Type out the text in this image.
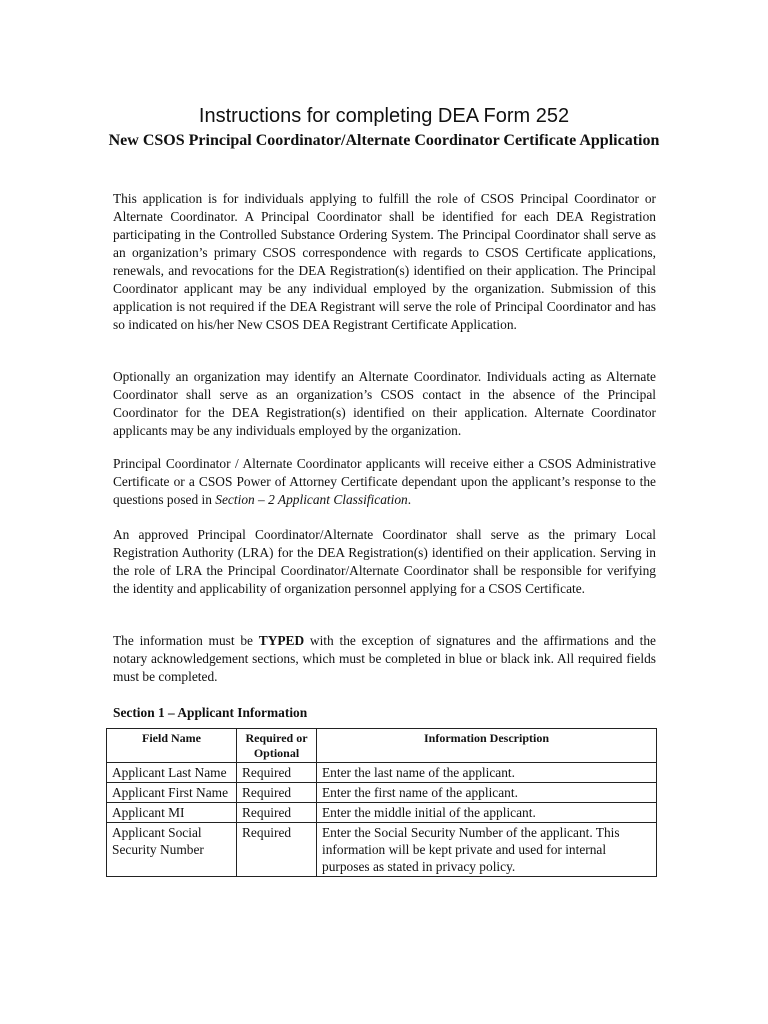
Instructions for completing DEA Form 252
New CSOS Principal Coordinator/Alternate Coordinator Certificate Application

This application is for individuals applying to fulfill the role of CSOS Principal Coordinator or Alternate Coordinator. A Principal Coordinator shall be identified for each DEA Registration participating in the Controlled Substance Ordering System. The Principal Coordinator shall serve as an organization’s primary CSOS correspondence with regards to CSOS Certificate applications, renewals, and revocations for the DEA Registration(s) identified on their application. The Principal Coordinator applicant may be any individual employed by the organization. Submission of this application is not required if the DEA Registrant will serve the role of Principal Coordinator and has so indicated on his/her New CSOS DEA Registrant Certificate Application.

Optionally an organization may identify an Alternate Coordinator. Individuals acting as Alternate Coordinator shall serve as an organization’s CSOS contact in the absence of the Principal Coordinator for the DEA Registration(s) identified on their application. Alternate Coordinator applicants may be any individuals employed by the organization.

Principal Coordinator / Alternate Coordinator applicants will receive either a CSOS Administrative Certificate or a CSOS Power of Attorney Certificate dependant upon the applicant’s response to the questions posed in Section – 2 Applicant Classification.

An approved Principal Coordinator/Alternate Coordinator shall serve as the primary Local Registration Authority (LRA) for the DEA Registration(s) identified on their application. Serving in the role of LRA the Principal Coordinator/Alternate Coordinator shall be responsible for verifying the identity and applicability of organization personnel applying for a CSOS Certificate.

The information must be TYPED with the exception of signatures and the affirmations and the notary acknowledgement sections, which must be completed in blue or black ink. All required fields must be completed.

Section 1 – Applicant Information
Field Name	Required or Optional	Information Description
Applicant Last Name	Required	Enter the last name of the applicant.
Applicant First Name	Required	Enter the first name of the applicant.
Applicant MI	Required	Enter the middle initial of the applicant.
Applicant Social Security Number	Required	Enter the Social Security Number of the applicant. This information will be kept private and used for internal purposes as stated in privacy policy.
